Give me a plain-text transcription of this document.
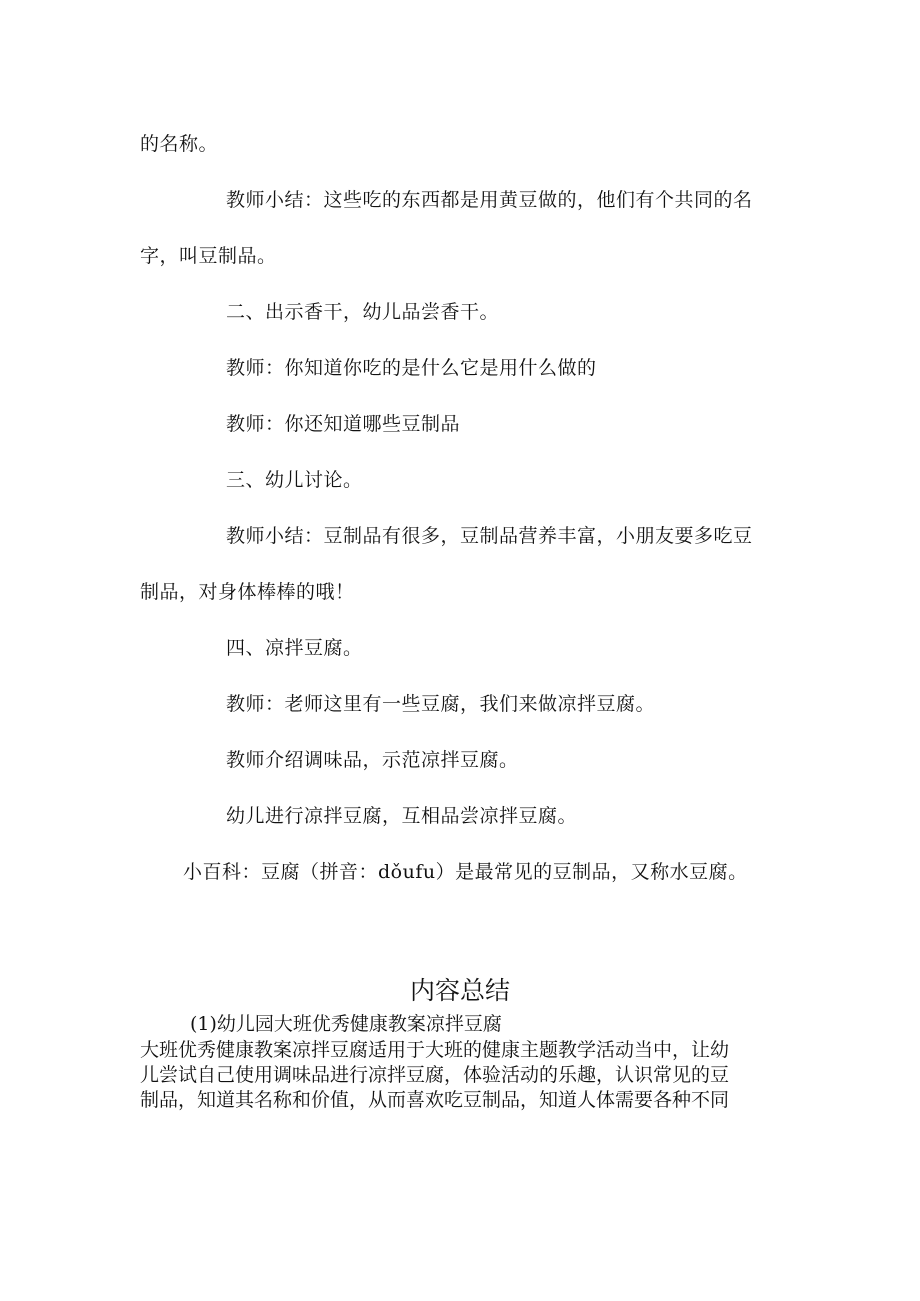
的名称。
教师小结：这些吃的东西都是用黄豆做的，他们有个共同的名
字，叫豆制品。
二、出示香干，幼儿品尝香干。
教师：你知道你吃的是什么它是用什么做的
教师：你还知道哪些豆制品
三、幼儿讨论。
教师小结：豆制品有很多，豆制品营养丰富，小朋友要多吃豆
制品，对身体棒棒的哦！
四、凉拌豆腐。
教师：老师这里有一些豆腐，我们来做凉拌豆腐。
教师介绍调味品，示范凉拌豆腐。
幼儿进行凉拌豆腐，互相品尝凉拌豆腐。
小百科：豆腐（拼音：dǒufu）是最常见的豆制品，又称水豆腐。
内容总结
(1)幼儿园大班优秀健康教案凉拌豆腐
大班优秀健康教案凉拌豆腐适用于大班的健康主题教学活动当中，让幼
儿尝试自己使用调味品进行凉拌豆腐，体验活动的乐趣，认识常见的豆
制品，知道其名称和价值，从而喜欢吃豆制品，知道人体需要各种不同
